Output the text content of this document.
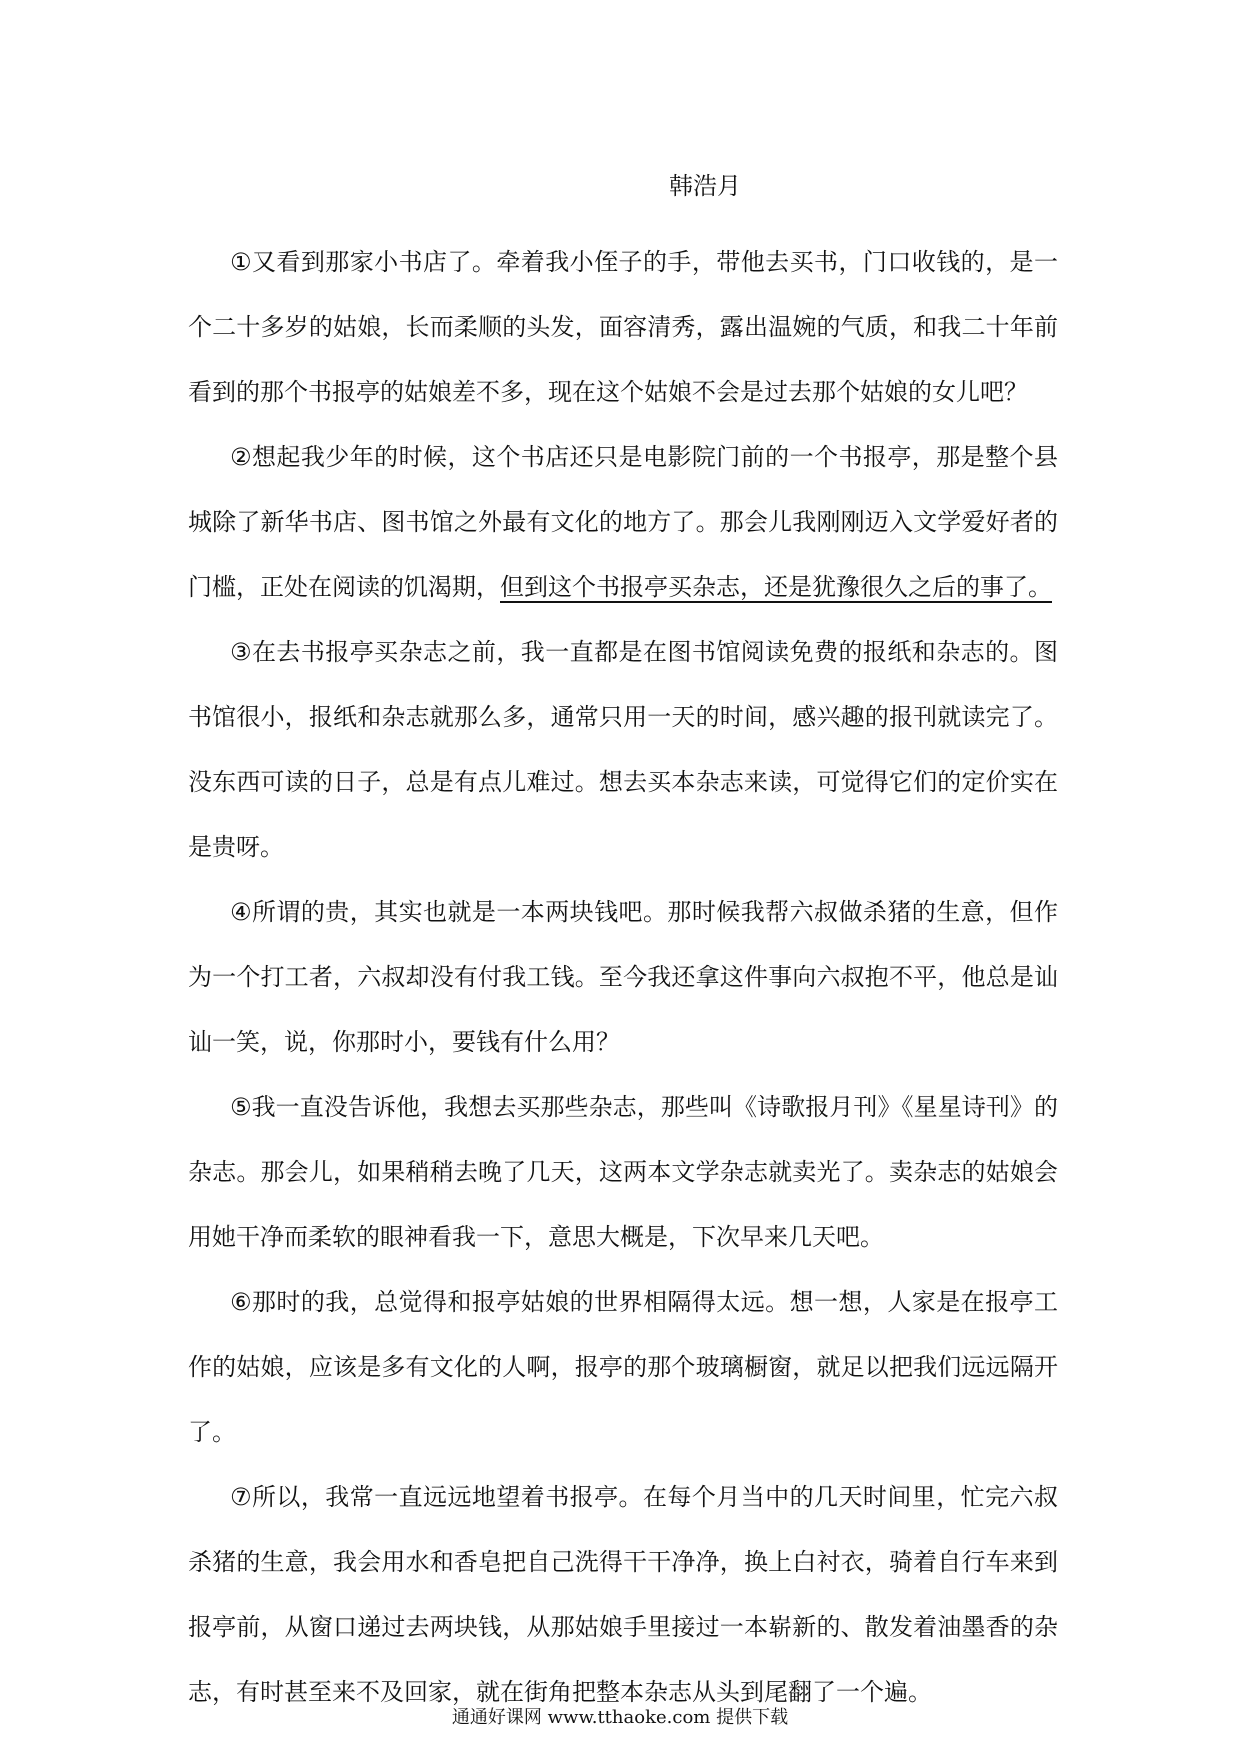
韩浩月

①又看到那家小书店了。牵着我小侄子的手，带他去买书，门口收钱的，是一个二十多岁的姑娘，长而柔顺的头发，面容清秀，露出温婉的气质，和我二十年前看到的那个书报亭的姑娘差不多，现在这个姑娘不会是过去那个姑娘的女儿吧？

②想起我少年的时候，这个书店还只是电影院门前的一个书报亭，那是整个县城除了新华书店、图书馆之外最有文化的地方了。那会儿我刚刚迈入文学爱好者的门槛，正处在阅读的饥渴期，但到这个书报亭买杂志，还是犹豫很久之后的事了。

③在去书报亭买杂志之前，我一直都是在图书馆阅读免费的报纸和杂志的。图书馆很小，报纸和杂志就那么多，通常只用一天的时间，感兴趣的报刊就读完了。没东西可读的日子，总是有点儿难过。想去买本杂志来读，可觉得它们的定价实在是贵呀。

④所谓的贵，其实也就是一本两块钱吧。那时候我帮六叔做杀猪的生意，但作为一个打工者，六叔却没有付我工钱。至今我还拿这件事向六叔抱不平，他总是讪讪一笑，说，你那时小，要钱有什么用？

⑤我一直没告诉他，我想去买那些杂志，那些叫《诗歌报月刊》《星星诗刊》的杂志。那会儿，如果稍稍去晚了几天，这两本文学杂志就卖光了。卖杂志的姑娘会用她干净而柔软的眼神看我一下，意思大概是，下次早来几天吧。

⑥那时的我，总觉得和报亭姑娘的世界相隔得太远。想一想，人家是在报亭工作的姑娘，应该是多有文化的人啊，报亭的那个玻璃橱窗，就足以把我们远远隔开了。

⑦所以，我常一直远远地望着书报亭。在每个月当中的几天时间里，忙完六叔杀猪的生意，我会用水和香皂把自己洗得干干净净，换上白衬衣，骑着自行车来到报亭前，从窗口递过去两块钱，从那姑娘手里接过一本崭新的、散发着油墨香的杂志，有时甚至来不及回家，就在街角把整本杂志从头到尾翻了一个遍。

通通好课网 www.tthaoke.com 提供下载
